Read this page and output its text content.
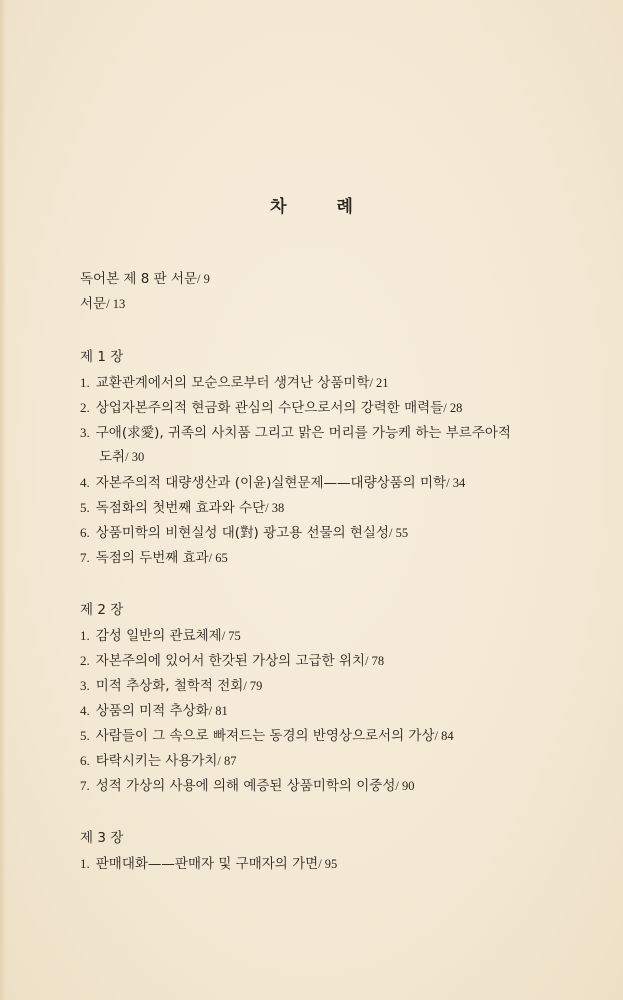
차 례
독어본 제 8 판 서문/ 9
서문/ 13
제 1 장
1. 교환관계에서의 모순으로부터 생겨난 상품미학/ 21
2. 상업자본주의적 현금화 관심의 수단으로서의 강력한 매력들/ 28
3. 구애(求愛), 귀족의 사치품 그리고 맑은 머리를 가능케 하는 부르주아적
도취/ 30
4. 자본주의적 대량생산과 (이윤)실현문제——대량상품의 미학/ 34
5. 독점화의 첫번째 효과와 수단/ 38
6. 상품미학의 비현실성 대(對) 광고용 선물의 현실성/ 55
7. 독점의 두번째 효과/ 65
제 2 장
1. 감성 일반의 관료체제/ 75
2. 자본주의에 있어서 한갓된 가상의 고급한 위치/ 78
3. 미적 추상화, 철학적 전회/ 79
4. 상품의 미적 추상화/ 81
5. 사람들이 그 속으로 빠져드는 동경의 반영상으로서의 가상/ 84
6. 타락시키는 사용가치/ 87
7. 성적 가상의 사용에 의해 예증된 상품미학의 이중성/ 90
제 3 장
1. 판매대화——판매자 및 구매자의 가면/ 95
